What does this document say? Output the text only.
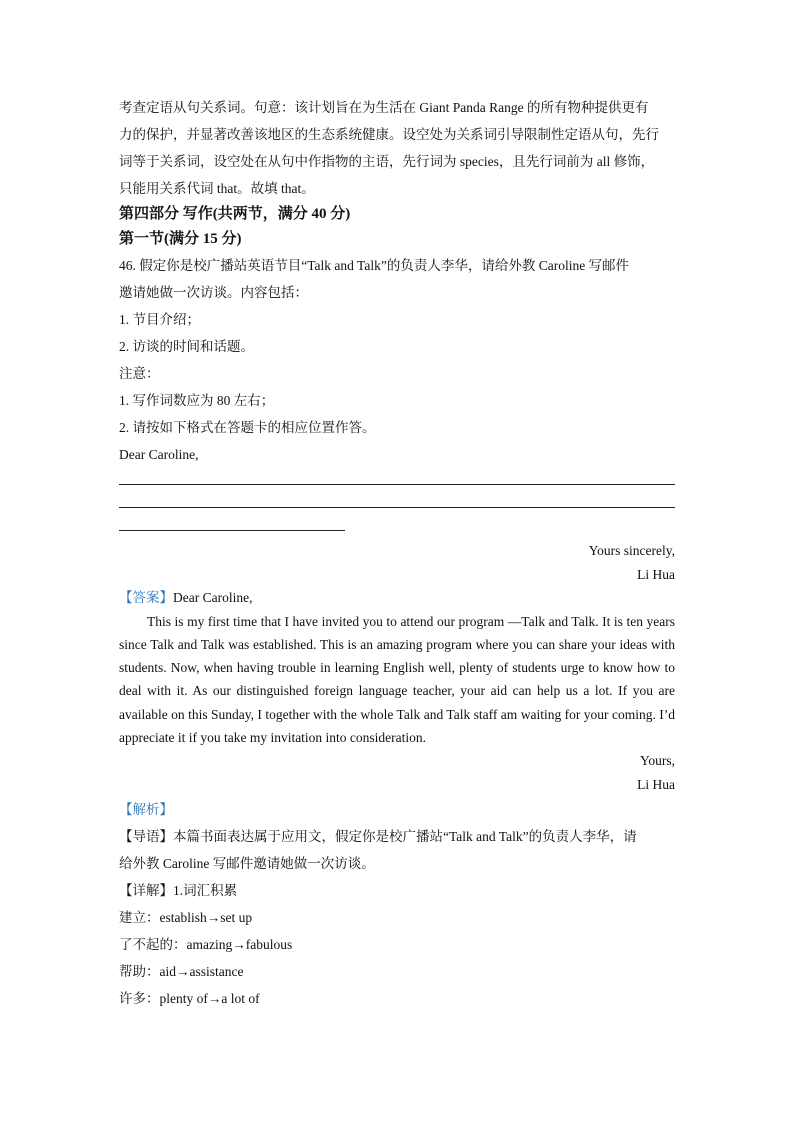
考查定语从句关系词。句意：该计划旨在为生活在 Giant Panda Range 的所有物种提供更有
力的保护，并显著改善该地区的生态系统健康。设空处为关系词引导限制性定语从句，先行
词等于关系词，设空处在从句中作指物的主语，先行词为 species，且先行词前为 all 修饰，
只能用关系代词 that。故填 that。
第四部分 写作(共两节，满分 40 分)
第一节(满分 15 分)
46. 假定你是校广播站英语节目“Talk and Talk”的负责人李华，请给外教 Caroline 写邮件
邀请她做一次访谈。内容包括：
1. 节目介绍；
2. 访谈的时间和话题。
注意：
1. 写作词数应为 80 左右；
2. 请按如下格式在答题卡的相应位置作答。
Dear Caroline,
Yours sincerely,
Li Hua
【答案】Dear Caroline,

This is my first time that I have invited you to attend our program —Talk and Talk. It is ten years since Talk and Talk was established. This is an amazing program where you can share your ideas with students. Now, when having trouble in learning English well, plenty of students urge to know how to deal with it. As our distinguished foreign language teacher, your aid can help us a lot. If you are available on this Sunday, I together with the whole Talk and Talk staff am waiting for your coming. I’d appreciate it if you take my invitation into consideration.

Yours,
Li Hua
【解析】
【导语】本篇书面表达属于应用文，假定你是校广播站“Talk and Talk”的负责人李华，请
给外教 Caroline 写邮件邀请她做一次访谈。
【详解】1.词汇积累
建立：establish→set up
了不起的：amazing→fabulous
帮助：aid→assistance
许多：plenty of→a lot of
